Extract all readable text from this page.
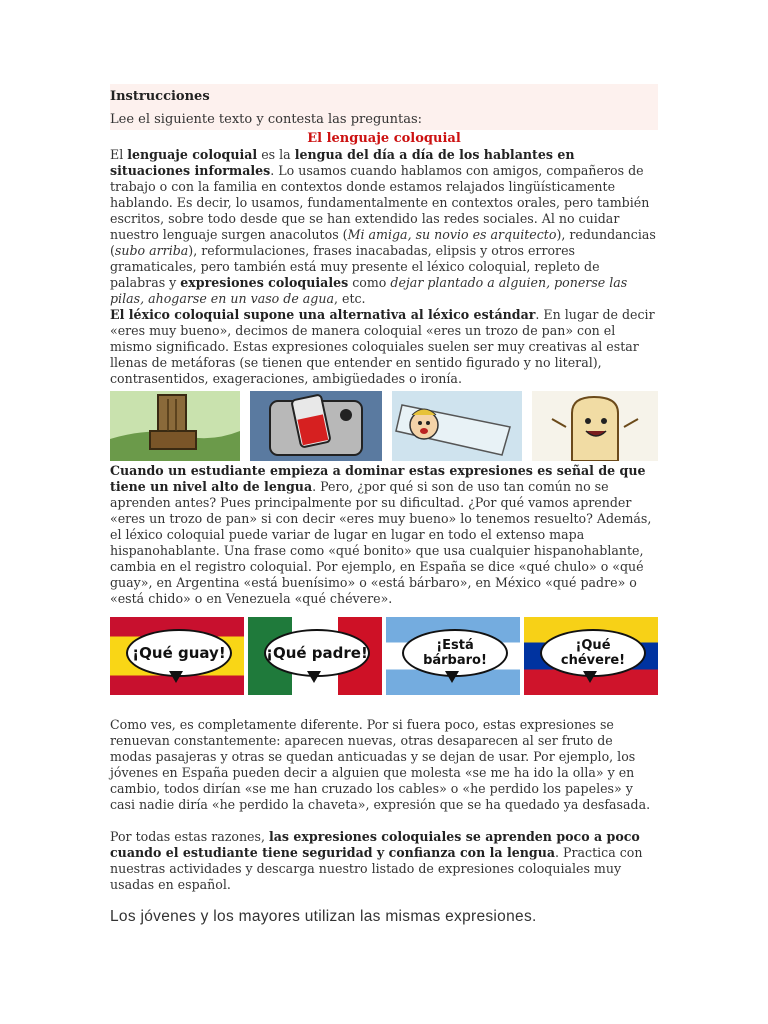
Instrucciones
Lee el siguiente texto y contesta las preguntas:
El lenguaje coloquial

El lenguaje coloquial es la lengua del día a día de los hablantes en situaciones informales. Lo usamos cuando hablamos con amigos, compañeros de trabajo o con la familia en contextos donde estamos relajados lingüísticamente hablando. Es decir, lo usamos, fundamentalmente en contextos orales, pero también escritos, sobre todo desde que se han extendido las redes sociales. Al no cuidar nuestro lenguaje surgen anacolutos (Mi amiga, su novio es arquitecto), redundancias (subo arriba), reformulaciones, frases inacabadas, elipsis y otros errores gramaticales, pero también está muy presente el léxico coloquial, repleto de palabras y expresiones coloquiales como dejar plantado a alguien, ponerse las pilas, ahogarse en un vaso de agua, etc.

El léxico coloquial supone una alternativa al léxico estándar. En lugar de decir «eres muy bueno», decimos de manera coloquial «eres un trozo de pan» con el mismo significado. Estas expresiones coloquiales suelen ser muy creativas al estar llenas de metáforas (se tienen que entender en sentido figurado y no literal), contrasentidos, exageraciones, ambigüedades o ironía.

Cuando un estudiante empieza a dominar estas expresiones es señal de que tiene un nivel alto de lengua. Pero, ¿por qué si son de uso tan común no se aprenden antes? Pues principalmente por su dificultad. ¿Por qué vamos aprender «eres un trozo de pan» si con decir «eres muy bueno» lo tenemos resuelto? Además, el léxico coloquial puede variar de lugar en lugar en todo el extenso mapa hispanohablante. Una frase como «qué bonito» que usa cualquier hispanohablante, cambia en el registro coloquial. Por ejemplo, en España se dice «qué chulo» o «qué guay», en Argentina «está buenísimo» o «está bárbaro», en México «qué padre» o «está chido» o en Venezuela «qué chévere».

¡Qué guay!	¡Qué padre!	¡Está bárbaro!
¡Qué chévere!

Como ves, es completamente diferente. Por si fuera poco, estas expresiones se renuevan constantemente: aparecen nuevas, otras desaparecen al ser fruto de modas pasajeras y otras se quedan anticuadas y se dejan de usar. Por ejemplo, los jóvenes en España pueden decir a alguien que molesta «se me ha ido la olla» y en cambio, todos dirían «se me han cruzado los cables» o «he perdido los papeles» y casi nadie diría «he perdido la chaveta», expresión que se ha quedado ya desfasada.

Por todas estas razones, las expresiones coloquiales se aprenden poco a poco cuando el estudiante tiene seguridad y confianza con la lengua. Practica con nuestras actividades y descarga nuestro listado de expresiones coloquiales muy usadas en español.

Los jóvenes y los mayores utilizan las mismas expresiones.
